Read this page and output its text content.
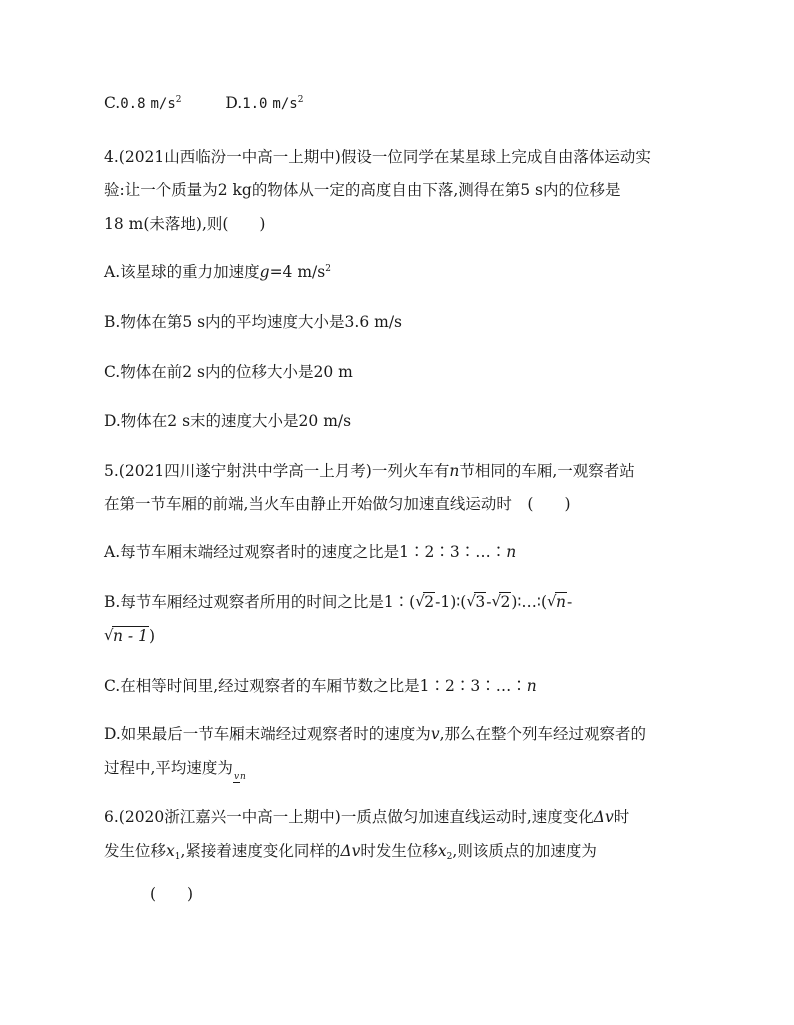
C.0.8 $m/s^2$	D.1.0 $m/s^2$
4.(2021山西临汾一中高一上期中)假设一位同学在某星球上完成自由落体运动实
验:让一个质量为2 kg的物体从一定的高度自由下落,测得在第5 s内的位移是
18 m(未落地),则(　　)
A.该星球的重力加速度g=4 $m/s^2$
B.物体在第5 s内的平均速度大小是3.6 m/s
C.物体在前2 s内的位移大小是20 m
D.物体在2 s末的速度大小是20 m/s
5.(2021四川遂宁射洪中学高一上月考)一列火车有n节相同的车厢,一观察者站
在第一节车厢的前端,当火车由静止开始做匀加速直线运动时　(　　)
A.每节车厢末端经过观察者时的速度之比是1∶2∶3∶…∶n
B.每节车厢经过观察者所用的时间之比是1∶( √ 2-1)∶( √ 3- √ 2)∶…∶( √ n-
√ n - 1)
C.在相等时间里,经过观察者的车厢节数之比是1∶2∶3∶…∶n
D.如果最后一节车厢末端经过观察者时的速度为v,那么在整个列车经过观察者的
过程中,平均速度为vn
6.(2020浙江嘉兴一中高一上期中)一质点做匀加速直线运动时,速度变化Δv时
发生位移$x_1$,紧接着速度变化同样的Δv时发生位移$x_2$,则该质点的加速度为
(　　)
